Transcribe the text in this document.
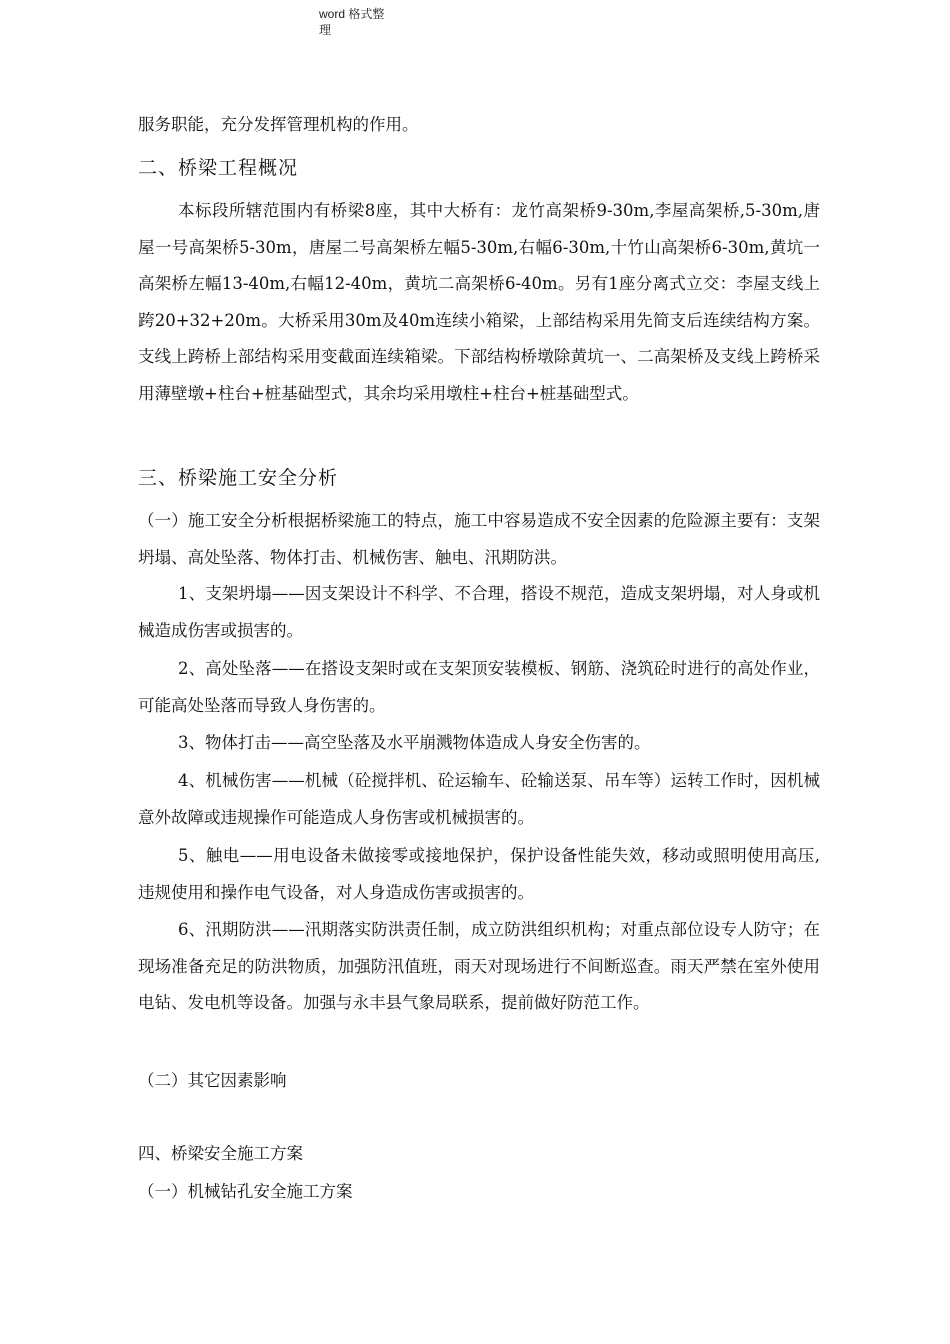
word 格式整
理

服务职能，充分发挥管理机构的作用。

二、桥梁工程概况

本标段所辖范围内有桥梁8座，其中大桥有：龙竹高架桥9-30m,李屋高架桥,5-30m,唐屋一号高架桥5-30m，唐屋二号高架桥左幅5-30m,右幅6-30m,十竹山高架桥6-30m,黄坑一高架桥左幅13-40m,右幅12-40m，黄坑二高架桥6-40m。另有1座分离式立交：李屋支线上跨20+32+20m。大桥采用30m及40m连续小箱梁，上部结构采用先简支后连续结构方案。支线上跨桥上部结构采用变截面连续箱梁。下部结构桥墩除黄坑一、二高架桥及支线上跨桥采用薄壁墩+柱台+桩基础型式，其余均采用墩柱+柱台+桩基础型式。

三、桥梁施工安全分析

（一）施工安全分析根据桥梁施工的特点，施工中容易造成不安全因素的危险源主要有：支架坍塌、高处坠落、物体打击、机械伤害、触电、汛期防洪。

1、支架坍塌——因支架设计不科学、不合理，搭设不规范，造成支架坍塌，对人身或机械造成伤害或损害的。

2、高处坠落——在搭设支架时或在支架顶安装模板、钢筋、浇筑砼时进行的高处作业，可能高处坠落而导致人身伤害的。

3、物体打击——高空坠落及水平崩溅物体造成人身安全伤害的。

4、机械伤害——机械（砼搅拌机、砼运输车、砼输送泵、吊车等）运转工作时，因机械意外故障或违规操作可能造成人身伤害或机械损害的。

5、触电——用电设备未做接零或接地保护，保护设备性能失效，移动或照明使用高压,违规使用和操作电气设备，对人身造成伤害或损害的。

6、汛期防洪——汛期落实防洪责任制，成立防洪组织机构；对重点部位设专人防守；在现场准备充足的防洪物质，加强防汛值班，雨天对现场进行不间断巡查。雨天严禁在室外使用电钻、发电机等设备。加强与永丰县气象局联系，提前做好防范工作。

（二）其它因素影响
四、桥梁安全施工方案
（一）机械钻孔安全施工方案
